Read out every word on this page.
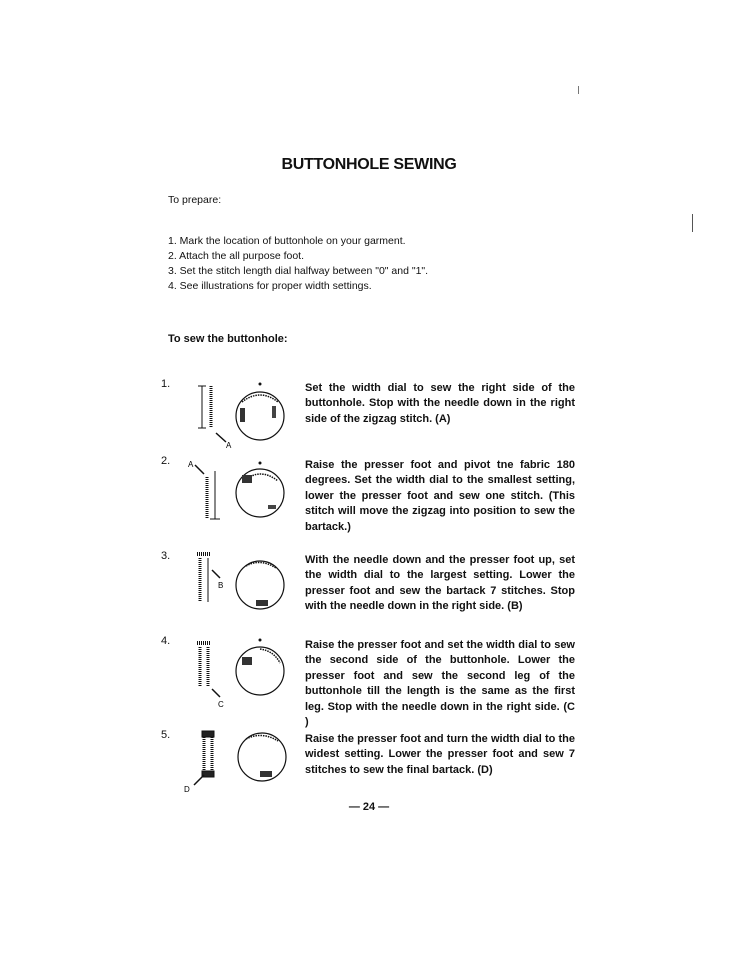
BUTTONHOLE SEWING
To prepare:
1. Mark the location of buttonhole on your garment.
2. Attach the all purpose foot.
3. Set the stitch length dial halfway between "0" and "1".
4. See illustrations for proper width settings.
To sew the buttonhole:
1.
A
Set the width dial to sew the right side of the buttonhole. Stop with the needle down in the right side of the zigzag stitch. (A)
2. A	Raise the presser foot and pivot tne fabric 180 degrees. Set the width dial to the smallest setting, lower the presser foot and sew one stitch. (This stitch will move the zigzag into position to sew the bartack.)
3.
B
With the needle down and the presser foot up, set the width dial to the largest setting. Lower the presser foot and sew the bartack 7 stitches. Stop with the needle down in the right side. (B)
4.
C
Raise the presser foot and set the width dial to sew the second side of the buttonhole. Lower the presser foot and sew the second leg of the buttonhole till the length is the same as the first leg. Stop with the needle down in the right side. (C )
5.
D
Raise the presser foot and turn the width dial to the widest setting. Lower the presser foot and sew 7 stitches to sew the final bartack. (D)
— 24 —
